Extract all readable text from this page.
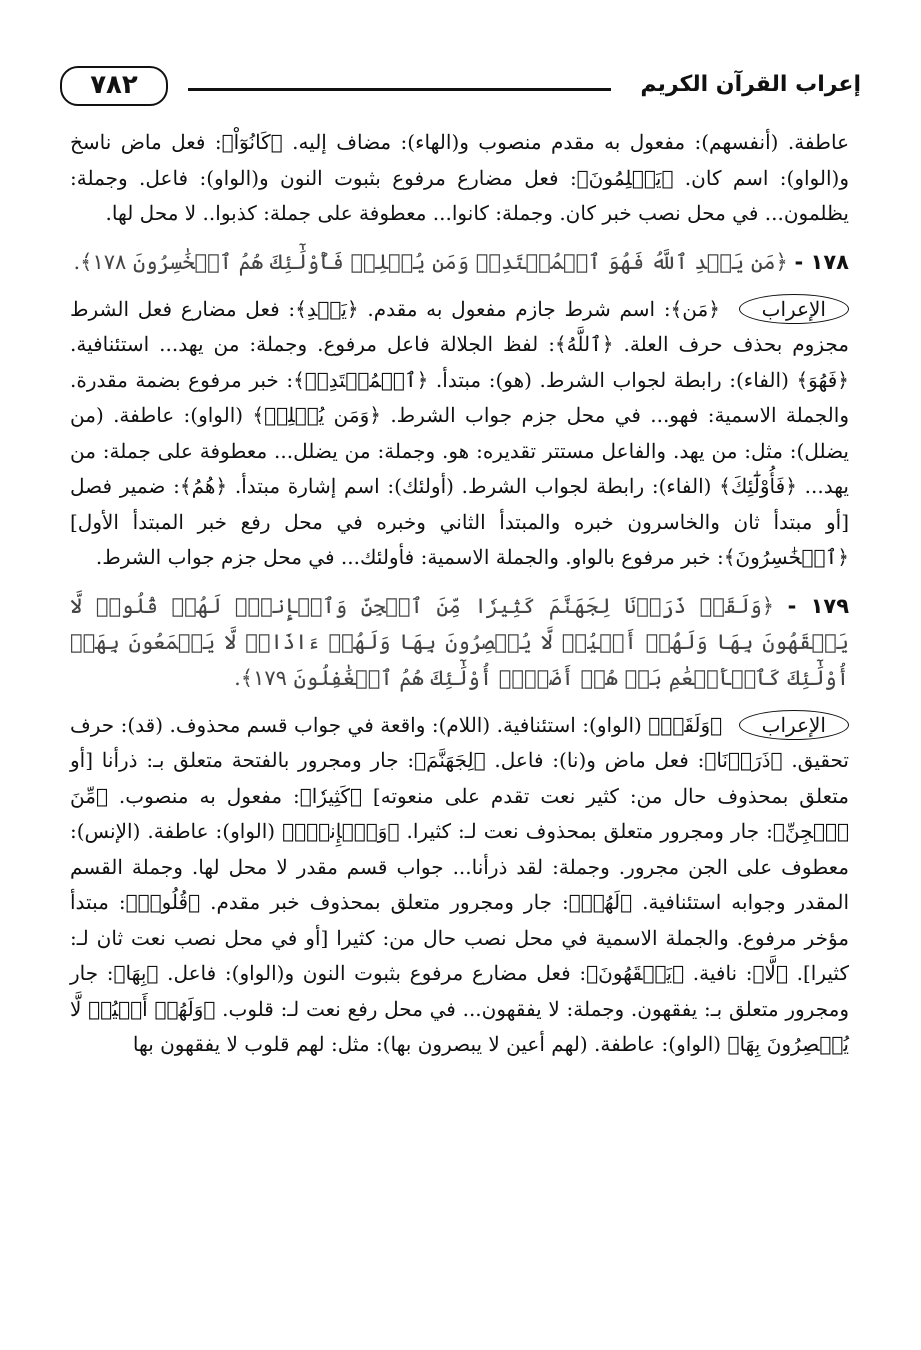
٧٨٢	إعراب القرآن الكريم

عاطفة. (أنفسهم): مفعول به مقدم منصوب و(الهاء): مضاف إليه. ﴿كَانُوٓاْ﴾: فعل ماض ناسخ و(الواو): اسم كان. ﴿يَظۡلِمُونَ﴾: فعل مضارع مرفوع بثبوت النون و(الواو): فاعل. وجملة: يظلمون... في محل نصب خبر كان. وجملة: كانوا... معطوفة على جملة: كذبوا.. لا محل لها.

١٧٨ - ﴿مَن يَهۡدِ ٱللَّهُ فَهُوَ ٱلۡمُهۡتَدِيۖ وَمَن يُضۡلِلۡ فَأُوْلَٰٓئِكَ هُمُ ٱلۡخَٰسِرُونَ ١٧٨﴾.

الإعراب ﴿مَن﴾: اسم شرط جازم مفعول به مقدم. ﴿يَهۡدِ﴾: فعل مضارع فعل الشرط مجزوم بحذف حرف العلة. ﴿ٱللَّهُ﴾: لفظ الجلالة فاعل مرفوع. وجملة: من يهد... استئنافية. ﴿فَهُوَ﴾ (الفاء): رابطة لجواب الشرط. (هو): مبتدأ. ﴿ٱلۡمُهۡتَدِيۖ﴾: خبر مرفوع بضمة مقدرة. والجملة الاسمية: فهو... في محل جزم جواب الشرط. ﴿وَمَن يُضۡلِلۡ﴾ (الواو): عاطفة. (من يضلل): مثل: من يهد. والفاعل مستتر تقديره: هو. وجملة: من يضلل... معطوفة على جملة: من يهد... ﴿فَأُوْلَٰٓئِكَ﴾ (الفاء): رابطة لجواب الشرط. (أولئك): اسم إشارة مبتدأ. ﴿هُمُ﴾: ضمير فصل [أو مبتدأ ثان والخاسرون خبره والمبتدأ الثاني وخبره في محل رفع خبر المبتدأ الأول] ﴿ٱلۡخَٰسِرُونَ﴾: خبر مرفوع بالواو. والجملة الاسمية: فأولئك... في محل جزم جواب الشرط.

١٧٩ - ﴿وَلَقَدۡ ذَرَأۡنَا لِجَهَنَّمَ كَثِيرٗا مِّنَ ٱلۡجِنِّ وَٱلۡإِنسِۖ لَهُمۡ قُلُوبٞ لَّا يَفۡقَهُونَ بِهَا وَلَهُمۡ أَعۡيُنٞ لَّا يُبۡصِرُونَ بِهَا وَلَهُمۡ ءَاذَانٞ لَّا يَسۡمَعُونَ بِهَآۚ أُوْلَٰٓئِكَ كَٱلۡأَنۡعَٰمِ بَلۡ هُمۡ أَضَلُّۚ أُوْلَٰٓئِكَ هُمُ ٱلۡغَٰفِلُونَ ١٧٩﴾.

الإعراب ﴿وَلَقَدۡ﴾ (الواو): استئنافية. (اللام): واقعة في جواب قسم محذوف. (قد): حرف تحقيق. ﴿ذَرَأۡنَا﴾: فعل ماض و(نا): فاعل. ﴿لِجَهَنَّمَ﴾: جار ومجرور بالفتحة متعلق بـ: ذرأنا [أو متعلق بمحذوف حال من: كثير نعت تقدم على منعوته] ﴿كَثِيرٗا﴾: مفعول به منصوب. ﴿مِّنَ ٱلۡجِنِّ﴾: جار ومجرور متعلق بمحذوف نعت لـ: كثيرا. ﴿وَٱلۡإِنسِۖ﴾ (الواو): عاطفة. (الإنس): معطوف على الجن مجرور. وجملة: لقد ذرأنا... جواب قسم مقدر لا محل لها. وجملة القسم المقدر وجوابه استئنافية. ﴿لَهُمۡ﴾: جار ومجرور متعلق بمحذوف خبر مقدم. ﴿قُلُوبٞ﴾: مبتدأ مؤخر مرفوع. والجملة الاسمية في محل نصب حال من: كثيرا [أو في محل نصب نعت ثان لـ: كثيرا]. ﴿لَّا﴾: نافية. ﴿يَفۡقَهُونَ﴾: فعل مضارع مرفوع بثبوت النون و(الواو): فاعل. ﴿بِهَا﴾: جار ومجرور متعلق بـ: يفقهون. وجملة: لا يفقهون... في محل رفع نعت لـ: قلوب. ﴿وَلَهُمۡ أَعۡيُنٞ لَّا يُبۡصِرُونَ بِهَا﴾ (الواو): عاطفة. (لهم أعين لا يبصرون بها): مثل: لهم قلوب لا يفقهون بها
